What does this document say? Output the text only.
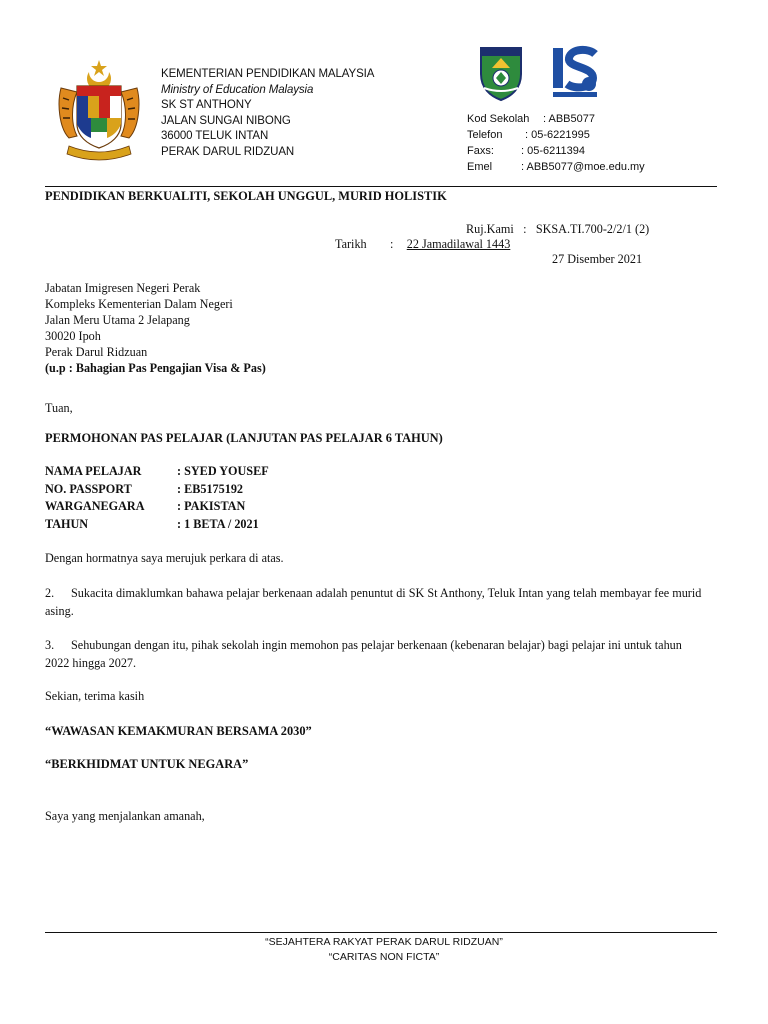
KEMENTERIAN PENDIDIKAN MALAYSIA
Ministry of Education Malaysia
SK ST ANTHONY
JALAN SUNGAI NIBONG
36000 TELUK INTAN
PERAK DARUL RIDZUAN
Kod Sekolah : ABB5077
Telefon : 05-6221995
Faxs: : 05-6211394
Emel	: ABB5077@moe.edu.my
PENDIDIKAN BERKUALITI, SEKOLAH UNGGUL, MURID HOLISTIK
Ruj.Kami : SKSA.TI.700-2/2/1 (2)
Tarikh : 22 Jamadilawal 1443
27 Disember 2021
Jabatan Imigresen Negeri Perak
Kompleks Kementerian Dalam Negeri
Jalan Meru Utama 2 Jelapang
30020 Ipoh
Perak Darul Ridzuan
(u.p : Bahagian Pas Pengajian Visa & Pas)
Tuan,
PERMOHONAN PAS PELAJAR (LANJUTAN PAS PELAJAR 6 TAHUN)
NAMA PELAJAR	: SYED YOUSEF
NO. PASSPORT	: EB5175192
WARGANEGARA	: PAKISTAN
TAHUN	: 1 BETA / 2021
Dengan hormatnya saya merujuk perkara di atas.
2. Sukacita dimaklumkan bahawa pelajar berkenaan adalah penuntut di SK St Anthony, Teluk Intan yang telah membayar fee murid
asing.
3. Sehubungan dengan itu, pihak sekolah ingin memohon pas pelajar berkenaan (kebenaran belajar) bagi pelajar ini untuk tahun
2022 hingga 2027.
Sekian, terima kasih
“WAWASAN KEMAKMURAN BERSAMA 2030”
“BERKHIDMAT UNTUK NEGARA”
Saya yang menjalankan amanah,
“SEJAHTERA RAKYAT PERAK DARUL RIDZUAN”
“CARITAS NON FICTA”
